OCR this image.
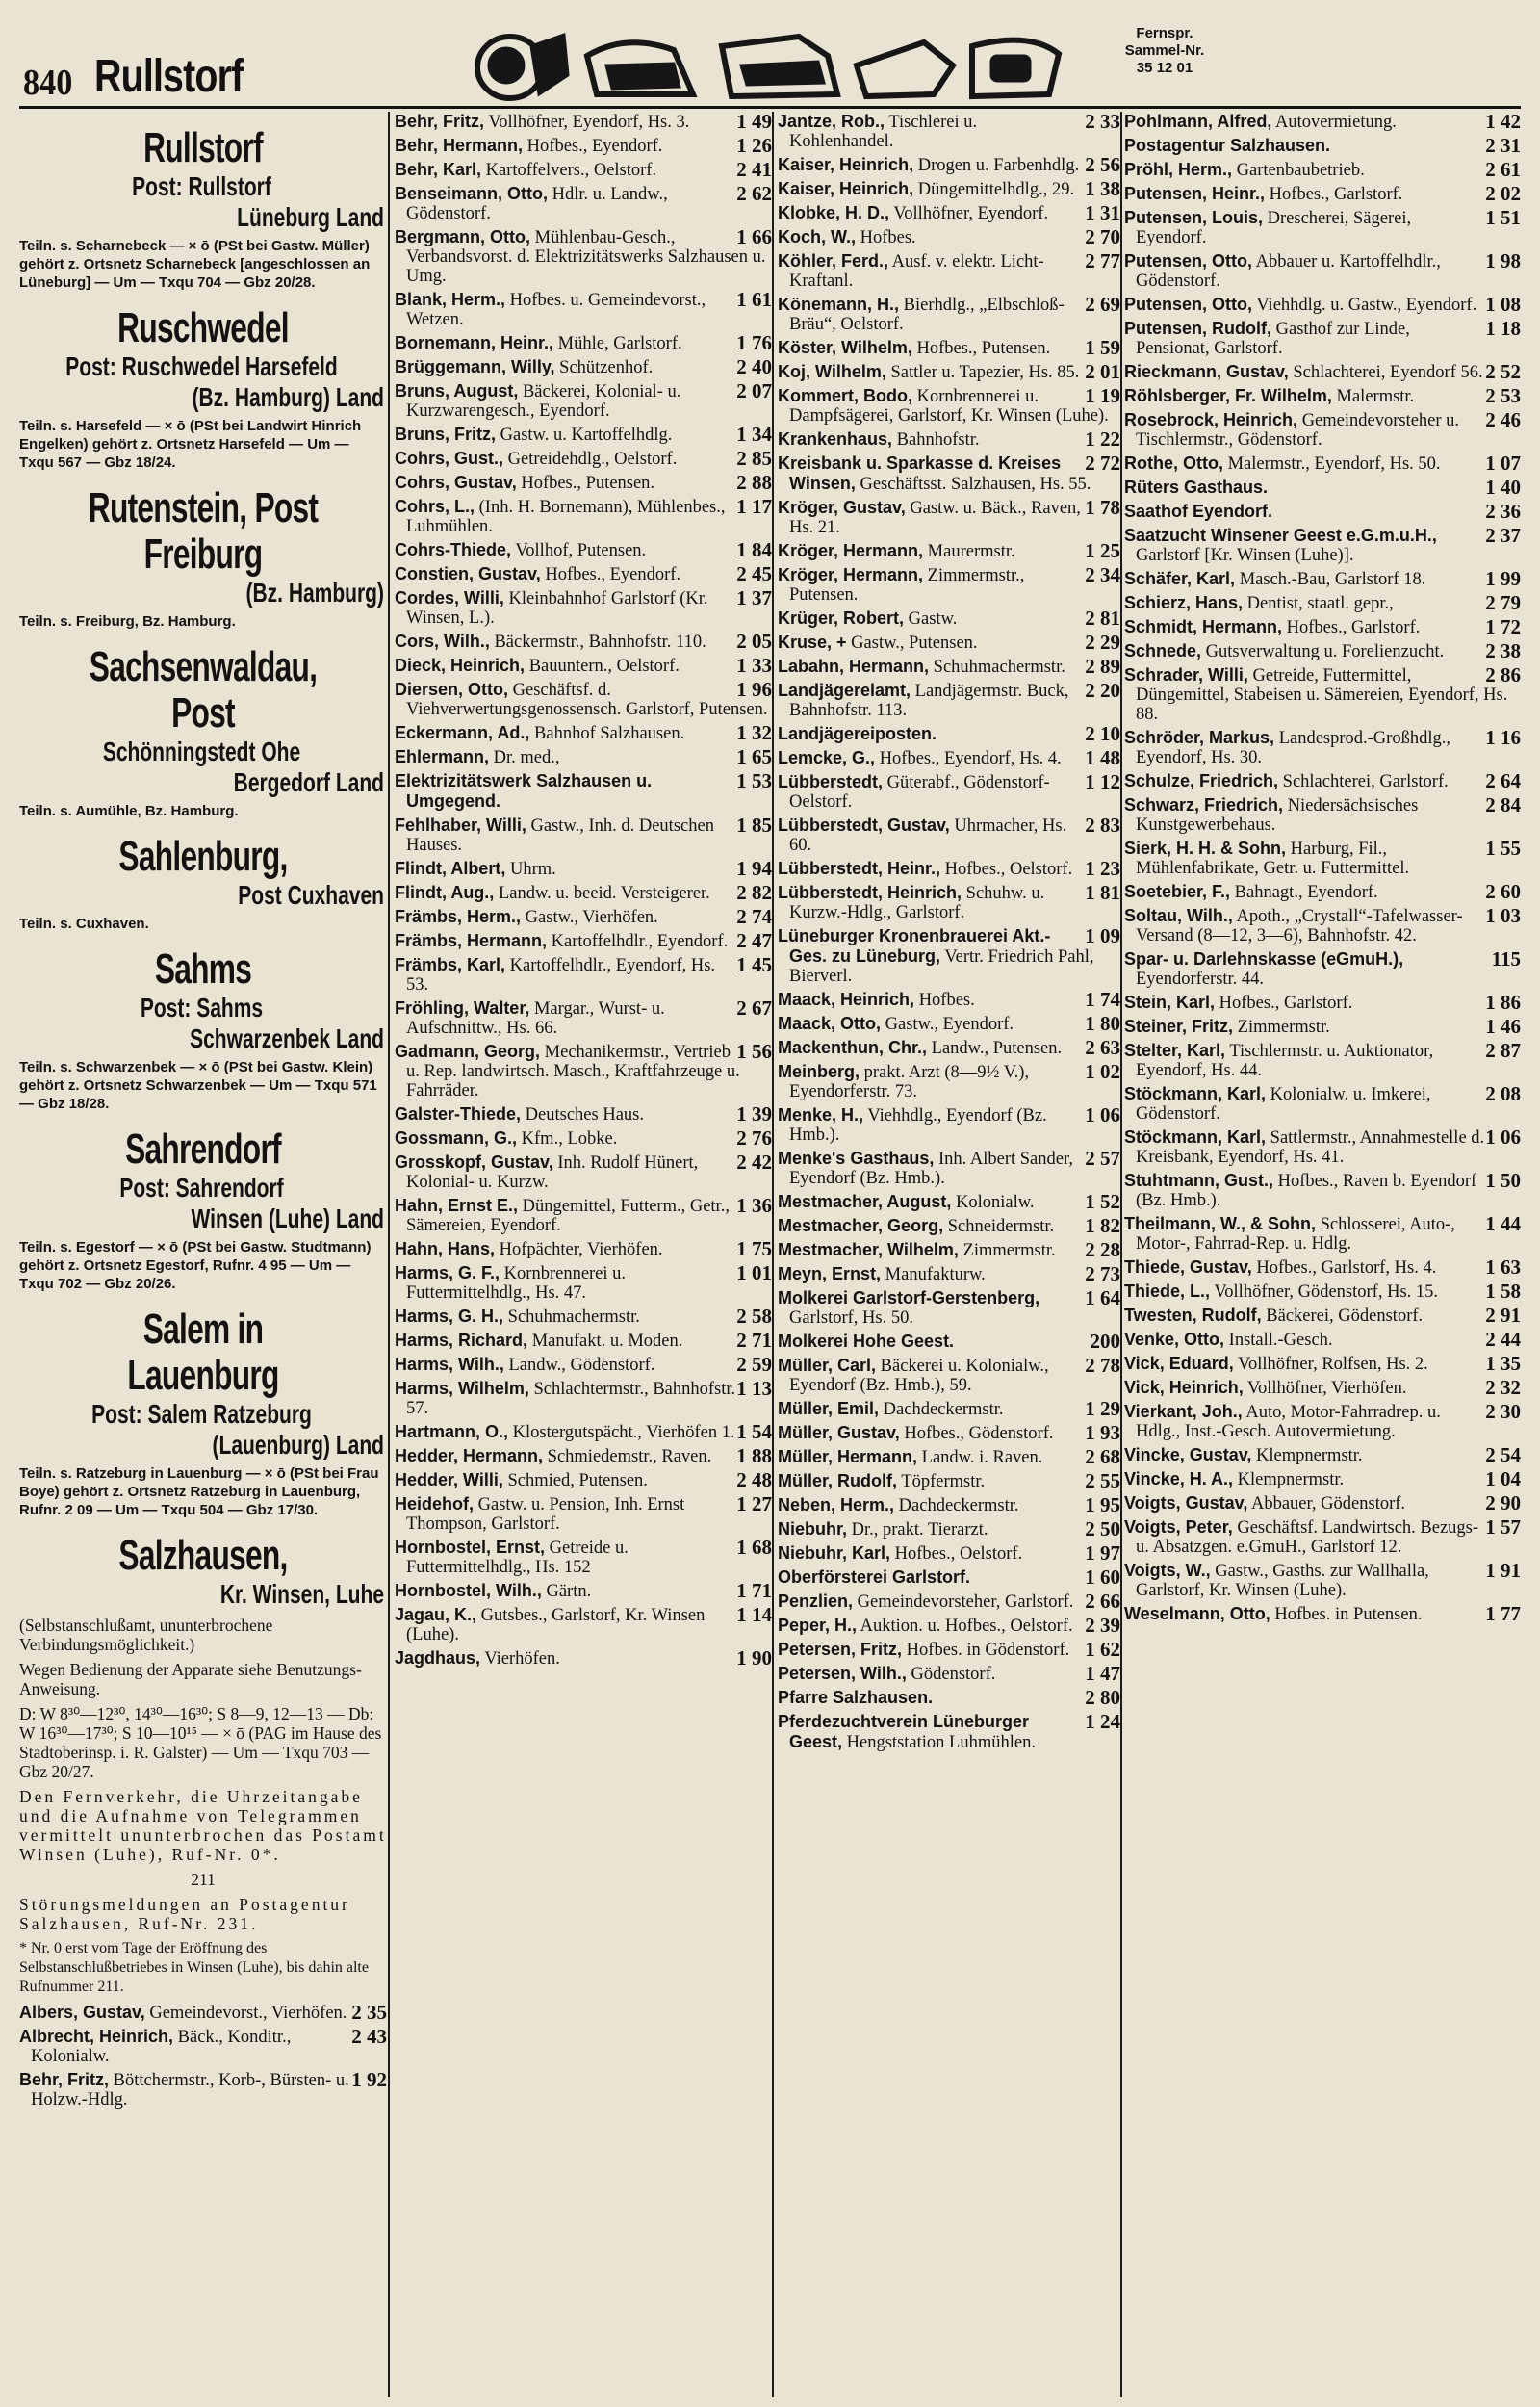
840 Rullstorf
Fernspr.
Sammel-Nr.
35 12 01
Rullstorf
Post: Rullstorf
Lüneburg Land
Teiln. s. Scharnebeck — × ō (PSt bei Gastw. Müller) gehört z. Ortsnetz Scharnebeck [angeschlossen an Lüneburg] — Um — Txqu 704 — Gbz 20/28.
Ruschwedel
Post: Ruschwedel Harsefeld
(Bz. Hamburg) Land
Teiln. s. Harsefeld — × ō (PSt bei Landwirt Hinrich Engelken) gehört z. Ortsnetz Harsefeld — Um — Txqu 567 — Gbz 18/24.
Rutenstein, Post Freiburg
(Bz. Hamburg)
Teiln. s. Freiburg, Bz. Hamburg.
Sachsenwaldau, Post
Schönningstedt Ohe
Bergedorf Land
Teiln. s. Aumühle, Bz. Hamburg.
Sahlenburg,
Post Cuxhaven
Teiln. s. Cuxhaven.
Sahms
Post: Sahms
Schwarzenbek Land
Teiln. s. Schwarzenbek — × ō (PSt bei Gastw. Klein) gehört z. Ortsnetz Schwarzenbek — Um — Txqu 571 — Gbz 18/28.
Sahrendorf
Post: Sahrendorf
Winsen (Luhe) Land
Teiln. s. Egestorf — × ō (PSt bei Gastw. Studtmann) gehört z. Ortsnetz Egestorf, Rufnr. 4 95 — Um — Txqu 702 — Gbz 20/26.
Salem in Lauenburg
Post: Salem Ratzeburg
(Lauenburg) Land
Teiln. s. Ratzeburg in Lauenburg — × ō (PSt bei Frau Boye) gehört z. Ortsnetz Ratzeburg in Lauenburg, Rufnr. 2 09 — Um — Txqu 504 — Gbz 17/30.
Salzhausen,
Kr. Winsen, Luhe
(Selbstanschlußamt, ununterbrochene Verbindungsmöglichkeit.)
Wegen Bedienung der Apparate siehe Benutzungs-Anweisung.
D: W 8³⁰—12³⁰, 14³⁰—16³⁰; S 8—9, 12—13 — Db: W 16³⁰—17³⁰; S 10—10¹⁵ — × ō (PAG im Hause des Stadtoberinsp. i. R. Galster) — Um — Txqu 703 — Gbz 20/27.
Den Fernverkehr, die Uhrzeitangabe und die Aufnahme von Telegrammen vermittelt ununterbrochen das Postamt Winsen (Luhe), Ruf-Nr. 0*.
211
Störungsmeldungen an Postagentur Salzhausen, Ruf-Nr. 231.
* Nr. 0 erst vom Tage der Eröffnung des Selbstanschlußbetriebes in Winsen (Luhe), bis dahin alte Rufnummer 211.
2 35
Albers, Gustav, Gemeindevorst., Vierhöfen.
2 43
Albrecht, Heinrich, Bäck., Konditr., Kolonialw.
1 92
Behr, Fritz, Böttchermstr., Korb-, Bürsten- u. Holzw.-Hdlg.
1 49
Behr, Fritz, Vollhöfner, Eyendorf, Hs. 3.
1 26
Behr, Hermann, Hofbes., Eyendorf.
2 41
Behr, Karl, Kartoffelvers., Oelstorf.
2 62
Benseimann, Otto, Hdlr. u. Landw., Gödenstorf.
1 66
Bergmann, Otto, Mühlenbau-Gesch., Verbandsvorst. d. Elektrizitätswerks Salzhausen u. Umg.
1 61
Blank, Herm., Hofbes. u. Gemeindevorst., Wetzen.
1 76
Bornemann, Heinr., Mühle, Garlstorf.
2 40
Brüggemann, Willy, Schützenhof.
2 07
Bruns, August, Bäckerei, Kolonial- u. Kurzwarengesch., Eyendorf.
1 34
Bruns, Fritz, Gastw. u. Kartoffelhdlg.
2 85
Cohrs, Gust., Getreidehdlg., Oelstorf.
2 88
Cohrs, Gustav, Hofbes., Putensen.
1 17
Cohrs, L., (Inh. H. Bornemann), Mühlenbes., Luhmühlen.
1 84
Cohrs-Thiede, Vollhof, Putensen.
2 45
Constien, Gustav, Hofbes., Eyendorf.
1 37
Cordes, Willi, Kleinbahnhof Garlstorf (Kr. Winsen, L.).
2 05
Cors, Wilh., Bäckermstr., Bahnhofstr. 110.
1 33
Dieck, Heinrich, Bauuntern., Oelstorf.
1 96
Diersen, Otto, Geschäftsf. d. Viehverwertungsgenossensch. Garlstorf, Putensen.
1 32
Eckermann, Ad., Bahnhof Salzhausen.
1 65
Ehlermann, Dr. med.,
1 53
Elektrizitätswerk Salzhausen u. Umgegend.
1 85
Fehlhaber, Willi, Gastw., Inh. d. Deutschen Hauses.
1 94
Flindt, Albert, Uhrm.
2 82
Flindt, Aug., Landw. u. beeid. Versteigerer.
2 74
Främbs, Herm., Gastw., Vierhöfen.
2 47
Främbs, Hermann, Kartoffelhdlr., Eyendorf.
1 45
Främbs, Karl, Kartoffelhdlr., Eyendorf, Hs. 53.
2 67
Fröhling, Walter, Margar., Wurst- u. Aufschnittw., Hs. 66.
1 56
Gadmann, Georg, Mechanikermstr., Vertrieb u. Rep. landwirtsch. Masch., Kraftfahrzeuge u. Fahrräder.
1 39
Galster-Thiede, Deutsches Haus.
2 76
Gossmann, G., Kfm., Lobke.
2 42
Grosskopf, Gustav, Inh. Rudolf Hünert, Kolonial- u. Kurzw.
1 36
Hahn, Ernst E., Düngemittel, Futterm., Getr., Sämereien, Eyendorf.
1 75
Hahn, Hans, Hofpächter, Vierhöfen.
1 01
Harms, G. F., Kornbrennerei u. Futtermittelhdlg., Hs. 47.
2 58
Harms, G. H., Schuhmachermstr.
2 71
Harms, Richard, Manufakt. u. Moden.
2 59
Harms, Wilh., Landw., Gödenstorf.
1 13
Harms, Wilhelm, Schlachtermstr., Bahnhofstr. 57.
1 54
Hartmann, O., Klostergutspächt., Vierhöfen 1.
1 88
Hedder, Hermann, Schmiedemstr., Raven.
2 48
Hedder, Willi, Schmied, Putensen.
1 27
Heidehof, Gastw. u. Pension, Inh. Ernst Thompson, Garlstorf.
1 68
Hornbostel, Ernst, Getreide u. Futtermittelhdlg., Hs. 152
1 71
Hornbostel, Wilh., Gärtn.
1 14
Jagau, K., Gutsbes., Garlstorf, Kr. Winsen (Luhe).
1 90
Jagdhaus, Vierhöfen.
2 33
Jantze, Rob., Tischlerei u. Kohlenhandel.
2 56
Kaiser, Heinrich, Drogen u. Farbenhdlg.
1 38
Kaiser, Heinrich, Düngemittelhdlg., 29.
1 31
Klobke, H. D., Vollhöfner, Eyendorf.
2 70
Koch, W., Hofbes.
2 77
Köhler, Ferd., Ausf. v. elektr. Licht-Kraftanl.
2 69
Könemann, H., Bierhdlg., „Elbschloß-Bräu“, Oelstorf.
1 59
Köster, Wilhelm, Hofbes., Putensen.
2 01
Koj, Wilhelm, Sattler u. Tapezier, Hs. 85.
1 19
Kommert, Bodo, Kornbrennerei u. Dampfsägerei, Garlstorf, Kr. Winsen (Luhe).
1 22
Krankenhaus, Bahnhofstr.
2 72
Kreisbank u. Sparkasse d. Kreises Winsen, Geschäftsst. Salzhausen, Hs. 55.
1 78
Kröger, Gustav, Gastw. u. Bäck., Raven, Hs. 21.
1 25
Kröger, Hermann, Maurermstr.
2 34
Kröger, Hermann, Zimmermstr., Putensen.
2 81
Krüger, Robert, Gastw.
2 29
Kruse, + Gastw., Putensen.
2 89
Labahn, Hermann, Schuhmachermstr.
2 20
Landjägerelamt, Landjägermstr. Buck, Bahnhofstr. 113.
2 10
Landjägereiposten.
1 48
Lemcke, G., Hofbes., Eyendorf, Hs. 4.
1 12
Lübberstedt, Güterabf., Gödenstorf-Oelstorf.
2 83
Lübberstedt, Gustav, Uhrmacher, Hs. 60.
1 23
Lübberstedt, Heinr., Hofbes., Oelstorf.
1 81
Lübberstedt, Heinrich, Schuhw. u. Kurzw.-Hdlg., Garlstorf.
1 09
Lüneburger Kronenbrauerei Akt.-Ges. zu Lüneburg, Vertr. Friedrich Pahl, Bierverl.
1 74
Maack, Heinrich, Hofbes.
1 80
Maack, Otto, Gastw., Eyendorf.
2 63
Mackenthun, Chr., Landw., Putensen.
1 02
Meinberg, prakt. Arzt (8—9½ V.), Eyendorferstr. 73.
1 06
Menke, H., Viehhdlg., Eyendorf (Bz. Hmb.).
2 57
Menke's Gasthaus, Inh. Albert Sander, Eyendorf (Bz. Hmb.).
1 52
Mestmacher, August, Kolonialw.
1 82
Mestmacher, Georg, Schneidermstr.
2 28
Mestmacher, Wilhelm, Zimmermstr.
2 73
Meyn, Ernst, Manufakturw.
1 64
Molkerei Garlstorf-Gerstenberg, Garlstorf, Hs. 50.
200
Molkerei Hohe Geest.
2 78
Müller, Carl, Bäckerei u. Kolonialw., Eyendorf (Bz. Hmb.), 59.
1 29
Müller, Emil, Dachdeckermstr.
1 93
Müller, Gustav, Hofbes., Gödenstorf.
2 68
Müller, Hermann, Landw. i. Raven.
2 55
Müller, Rudolf, Töpfermstr.
1 95
Neben, Herm., Dachdeckermstr.
2 50
Niebuhr, Dr., prakt. Tierarzt.
1 97
Niebuhr, Karl, Hofbes., Oelstorf.
1 60
Oberförsterei Garlstorf.
2 66
Penzlien, Gemeindevorsteher, Garlstorf.
2 39
Peper, H., Auktion. u. Hofbes., Oelstorf.
1 62
Petersen, Fritz, Hofbes. in Gödenstorf.
1 47
Petersen, Wilh., Gödenstorf.
2 80
Pfarre Salzhausen.
1 24
Pferdezuchtverein Lüneburger Geest, Hengststation Luhmühlen.
1 42
Pohlmann, Alfred, Autovermietung.
2 31
Postagentur Salzhausen.
2 61
Pröhl, Herm., Gartenbaubetrieb.
2 02
Putensen, Heinr., Hofbes., Garlstorf.
1 51
Putensen, Louis, Drescherei, Sägerei, Eyendorf.
1 98
Putensen, Otto, Abbauer u. Kartoffelhdlr., Gödenstorf.
1 08
Putensen, Otto, Viehhdlg. u. Gastw., Eyendorf.
1 18
Putensen, Rudolf, Gasthof zur Linde, Pensionat, Garlstorf.
2 52
Rieckmann, Gustav, Schlachterei, Eyendorf 56.
2 53
Röhlsberger, Fr. Wilhelm, Malermstr.
2 46
Rosebrock, Heinrich, Gemeindevorsteher u. Tischlermstr., Gödenstorf.
1 07
Rothe, Otto, Malermstr., Eyendorf, Hs. 50.
1 40
Rüters Gasthaus.
2 36
Saathof Eyendorf.
2 37
Saatzucht Winsener Geest e.G.m.u.H., Garlstorf [Kr. Winsen (Luhe)].
1 99
Schäfer, Karl, Masch.-Bau, Garlstorf 18.
2 79
Schierz, Hans, Dentist, staatl. gepr.,
1 72
Schmidt, Hermann, Hofbes., Garlstorf.
2 38
Schnede, Gutsverwaltung u. Forelienzucht.
2 86
Schrader, Willi, Getreide, Futtermittel, Düngemittel, Stabeisen u. Sämereien, Eyendorf, Hs. 88.
1 16
Schröder, Markus, Landesprod.-Großhdlg., Eyendorf, Hs. 30.
2 64
Schulze, Friedrich, Schlachterei, Garlstorf.
2 84
Schwarz, Friedrich, Niedersächsisches Kunstgewerbehaus.
1 55
Sierk, H. H. & Sohn, Harburg, Fil., Mühlenfabrikate, Getr. u. Futtermittel.
2 60
Soetebier, F., Bahnagt., Eyendorf.
1 03
Soltau, Wilh., Apoth., „Crystall“-Tafelwasser-Versand (8—12, 3—6), Bahnhofstr. 42.
115
Spar- u. Darlehnskasse (eGmuH.), Eyendorferstr. 44.
1 86
Stein, Karl, Hofbes., Garlstorf.
1 46
Steiner, Fritz, Zimmermstr.
2 87
Stelter, Karl, Tischlermstr. u. Auktionator, Eyendorf, Hs. 44.
2 08
Stöckmann, Karl, Kolonialw. u. Imkerei, Gödenstorf.
1 06
Stöckmann, Karl, Sattlermstr., Annahmestelle d. Kreisbank, Eyendorf, Hs. 41.
1 50
Stuhtmann, Gust., Hofbes., Raven b. Eyendorf (Bz. Hmb.).
1 44
Theilmann, W., & Sohn, Schlosserei, Auto-, Motor-, Fahrrad-Rep. u. Hdlg.
1 63
Thiede, Gustav, Hofbes., Garlstorf, Hs. 4.
1 58
Thiede, L., Vollhöfner, Gödenstorf, Hs. 15.
2 91
Twesten, Rudolf, Bäckerei, Gödenstorf.
2 44
Venke, Otto, Install.-Gesch.
1 35
Vick, Eduard, Vollhöfner, Rolfsen, Hs. 2.
2 32
Vick, Heinrich, Vollhöfner, Vierhöfen.
2 30
Vierkant, Joh., Auto, Motor-Fahrradrep. u. Hdlg., Inst.-Gesch. Autovermietung.
2 54
Vincke, Gustav, Klempnermstr.
1 04
Vincke, H. A., Klempnermstr.
2 90
Voigts, Gustav, Abbauer, Gödenstorf.
1 57
Voigts, Peter, Geschäftsf. Landwirtsch. Bezugs- u. Absatzgen. e.GmuH., Garlstorf 12.
1 91
Voigts, W., Gastw., Gasths. zur Wallhalla, Garlstorf, Kr. Winsen (Luhe).
1 77
Weselmann, Otto, Hofbes. in Putensen.
